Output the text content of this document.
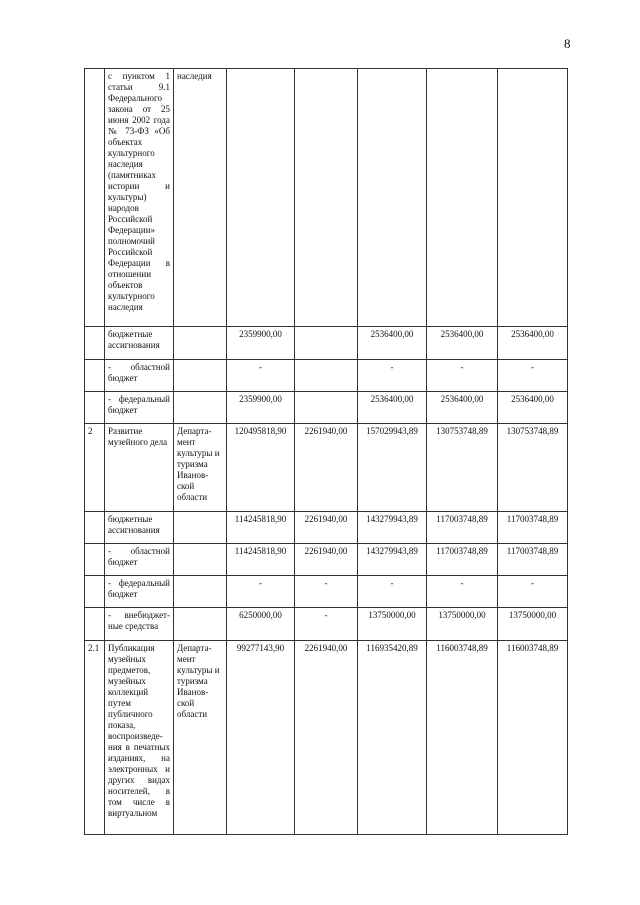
8
	с пунктом 1 статьи 9.1 Федерального закона от 25 июня 2002 года № 73-ФЗ «Об объектах культурного наследия (памятниках истории и культуры) народов Российской Федерации» полномочий Российской Федерации в отношении объектов культурного наследия	наследия					
	бюджетные ассигнования		2359900,00		2536400,00	2536400,00	2536400,00
	- областной бюджет		-		-	-	-
	- федеральный бюджет		2359900,00		2536400,00	2536400,00	2536400,00
2	Развитие музейного дела	Департа-мент культуры и туризма Иванов-ской области	120495818,90	2261940,00	157029943,89	130753748,89	130753748,89
	бюджетные ассигнования		114245818,90	2261940,00	143279943,89	117003748,89	117003748,89
	- областной бюджет		114245818,90	2261940,00	143279943,89	117003748,89	117003748,89
	- федеральный бюджет		-	-	-	-	-
	- внебюджет-ные средства		6250000,00	-	13750000,00	13750000,00	13750000,00
2.1	Публикация музейных предметов, музейных коллекций путем публичного показа, воспроизведе-ния в печатных изданиях, на электронных и других видах носителей, в том числе в виртуальном	Департа-мент культуры и туризма Иванов-ской области	99277143,90	2261940,00	116935420,89	116003748,89	116003748,89
